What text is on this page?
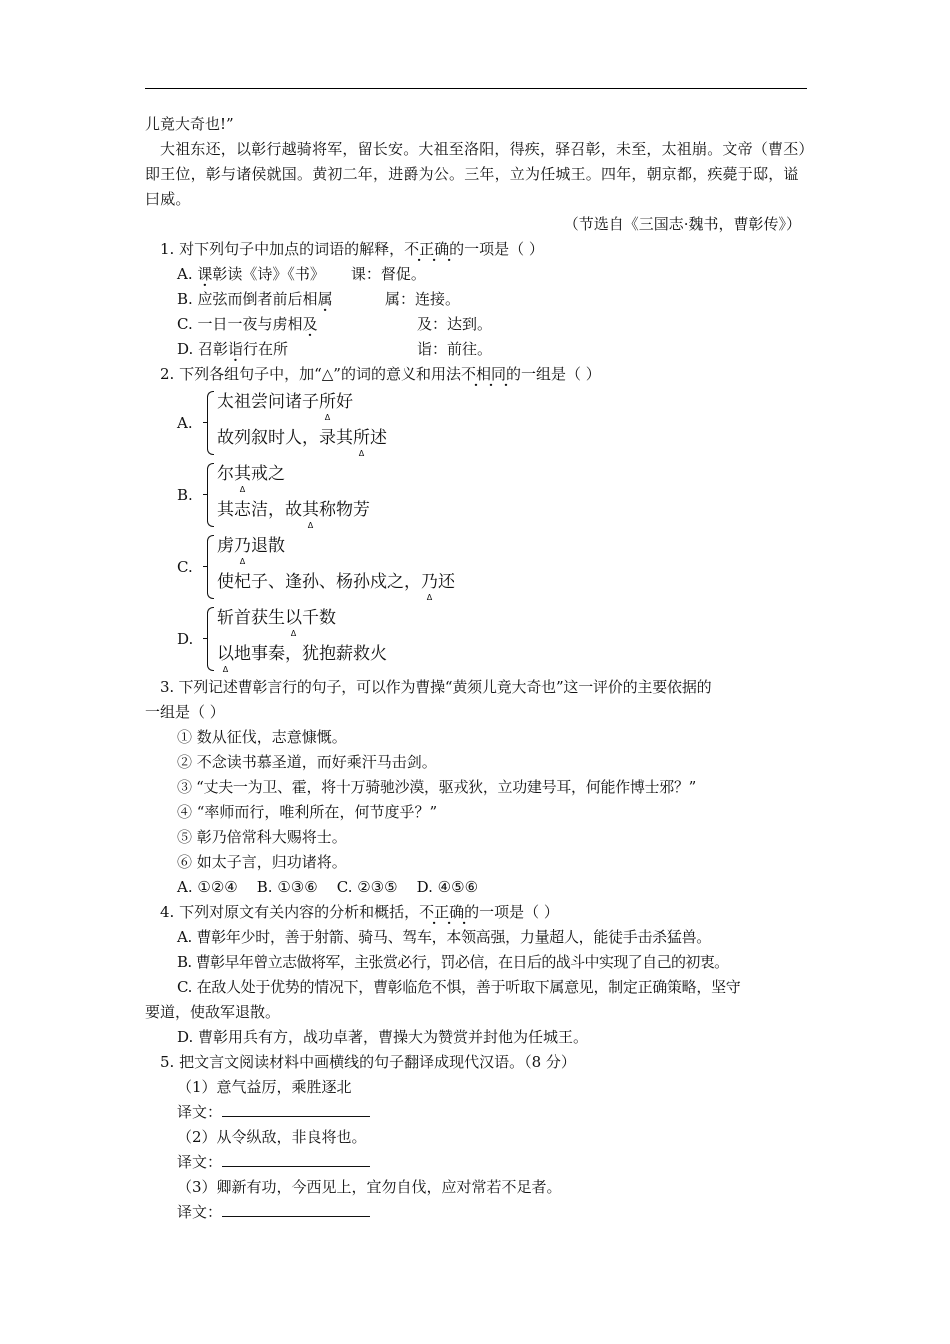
儿竟大奇也!”

大祖东还，以彰行越骑将军，留长安。大祖至洛阳，得疾，驿召彰，未至，太祖崩。文帝（曹丕）即王位，彰与诸侯就国。黄初二年，进爵为公。三年，立为任城王。四年，朝京都，疾薨于邸，谥曰威。

（节选自《三国志·魏书，曹彰传》）

1. 对下列句子中加点的词语的解释，不正确的一项是（ ）

A. 课彰读《诗》《书》 课：督促。

B. 应弦而倒者前后相属	属：连接。

C. 一日一夜与虏相及	及：达到。

D. 召彰诣行在所	诣：前往。

2. 下列各组句子中，加“△”的词的意义和用法不相同的一组是（ ）

A.
太祖尝问诸子所 Δ好
故列叙时人，录其所 Δ述
B.
尔其 Δ戒之
其志洁，故其 Δ称物芳
C.
虏乃 Δ退散
使杞子、逢孙、杨孙戍之，乃 Δ还
D.
斩首获生以 Δ千数
以 Δ地事秦，犹抱薪救火

3. 下列记述曹彰言行的句子，可以作为曹操“黄须儿竟大奇也”这一评价的主要依据的

一组是（ ）

① 数从征伐，志意慷慨。

② 不念读书慕圣道，而好乘汗马击剑。

③ “丈夫一为卫、霍，将十万骑驰沙漠，驱戎狄，立功建号耳，何能作博士邪？”

④ “率师而行，唯利所在，何节度乎？”

⑤ 彰乃倍常科大赐将士。

⑥ 如太子言，归功诸将。

A. ①②④    B. ①③⑥    C. ②③⑤    D. ④⑤⑥

4. 下列对原文有关内容的分析和概括，不正确的一项是（ ）

A. 曹彰年少时，善于射箭、骑马、驾车，本领高强，力量超人，能徒手击杀猛兽。

B. 曹彰早年曾立志做将军，主张赏必行，罚必信，在日后的战斗中实现了自己的初衷。

C. 在敌人处于优势的情况下，曹彰临危不惧，善于听取下属意见，制定正确策略，坚守

要道，使敌军退散。

D. 曹彰用兵有方，战功卓著，曹操大为赞赏并封他为任城王。

5. 把文言文阅读材料中画横线的句子翻译成现代汉语。（8 分）

（1）意气益厉，乘胜逐北

译文：

（2）从令纵敌，非良将也。

译文：

（3）卿新有功，今西见上，宜勿自伐，应对常若不足者。

译文：
